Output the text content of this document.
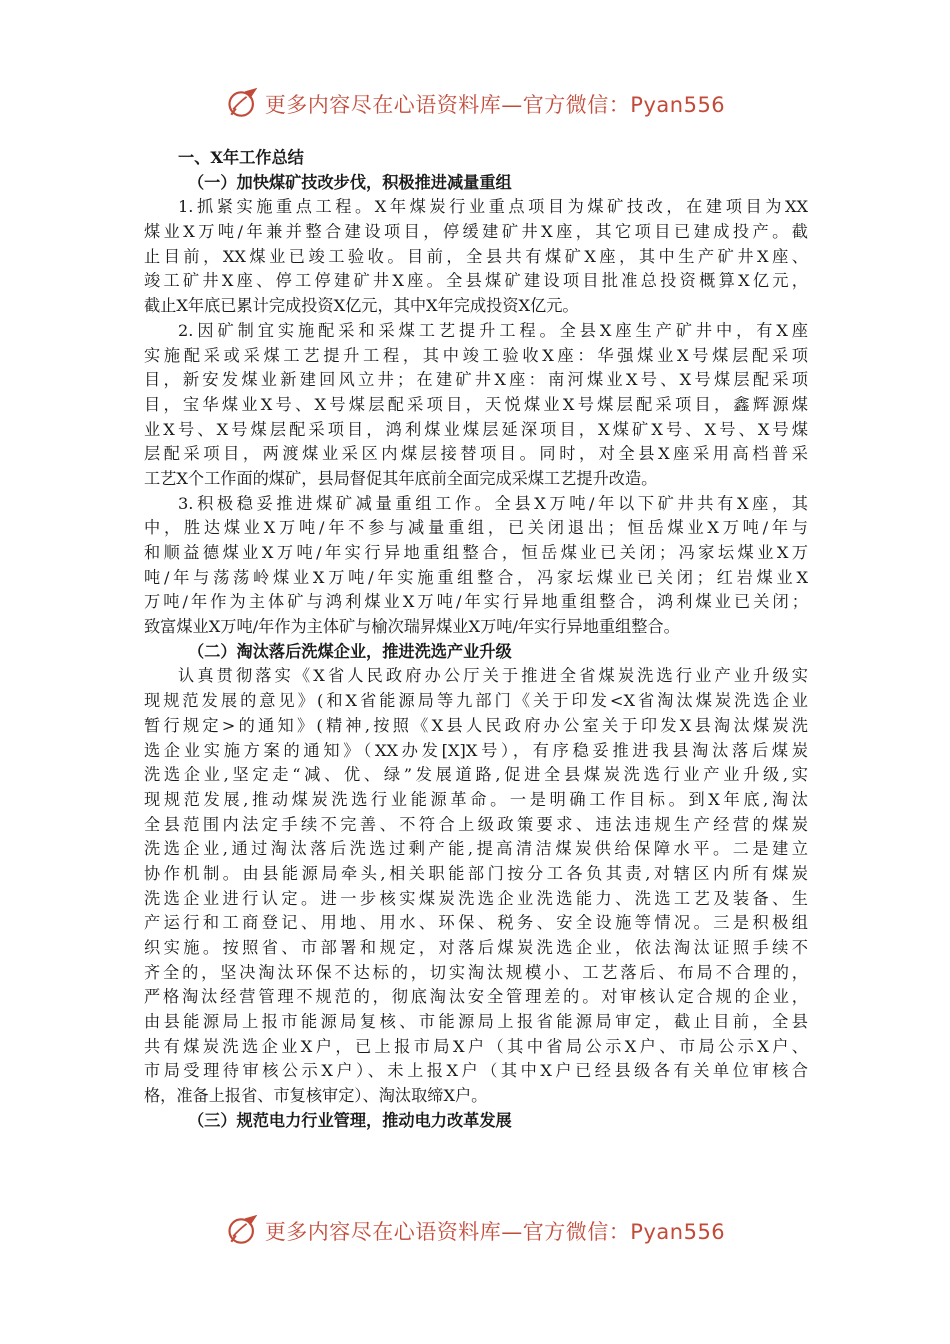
更多内容尽在心语资料库—官方微信：Pyan556
一、X年工作总结
（一）加快煤矿技改步伐，积极推进减量重组
1.抓紧实施重点工程。X年煤炭行业重点项目为煤矿技改，在建项目为XX
煤业X万吨/年兼并整合建设项目，停缓建矿井X座，其它项目已建成投产。截
止目前，XX煤业已竣工验收。目前，全县共有煤矿X座，其中生产矿井X座、
竣工矿井X座、停工停建矿井X座。全县煤矿建设项目批准总投资概算X亿元，
截止X年底已累计完成投资X亿元，其中X年完成投资X亿元。
2.因矿制宜实施配采和采煤工艺提升工程。全县X座生产矿井中，有X座
实施配采或采煤工艺提升工程，其中竣工验收X座：华强煤业X号煤层配采项
目，新安发煤业新建回风立井；在建矿井X座：南河煤业X号、X号煤层配采项
目，宝华煤业X号、X号煤层配采项目，天悦煤业X号煤层配采项目，鑫辉源煤
业X号、X号煤层配采项目，鸿利煤业煤层延深项目，X煤矿X号、X号、X号煤
层配采项目，两渡煤业采区内煤层接替项目。同时，对全县X座采用高档普采
工艺X个工作面的煤矿，县局督促其年底前全面完成采煤工艺提升改造。
3.积极稳妥推进煤矿减量重组工作。全县X万吨/年以下矿井共有X座，其
中，胜达煤业X万吨/年不参与减量重组，已关闭退出；恒岳煤业X万吨/年与
和顺益德煤业X万吨/年实行异地重组整合，恒岳煤业已关闭；冯家坛煤业X万
吨/年与荡荡岭煤业X万吨/年实施重组整合，冯家坛煤业已关闭；红岩煤业X
万吨/年作为主体矿与鸿利煤业X万吨/年实行异地重组整合，鸿利煤业已关闭；
致富煤业X万吨/年作为主体矿与榆次瑞昇煤业X万吨/年实行异地重组整合。
（二）淘汰落后洗煤企业，推进洗选产业升级
认真贯彻落实《X省人民政府办公厅关于推进全省煤炭洗选行业产业升级实
现规范发展的意见》(和X省能源局等九部门《关于印发<X省淘汰煤炭洗选企业
暂行规定>的通知》(精神,按照《X县人民政府办公室关于印发X县淘汰煤炭洗
选企业实施方案的通知》（XX办发[X]X号），有序稳妥推进我县淘汰落后煤炭
洗选企业,坚定走“减、优、绿”发展道路,促进全县煤炭洗选行业产业升级,实
现规范发展,推动煤炭洗选行业能源革命。一是明确工作目标。到X年底,淘汰
全县范围内法定手续不完善、不符合上级政策要求、违法违规生产经营的煤炭
洗选企业,通过淘汰落后洗选过剩产能,提高清洁煤炭供给保障水平。二是建立
协作机制。由县能源局牵头,相关职能部门按分工各负其责,对辖区内所有煤炭
洗选企业进行认定。进一步核实煤炭洗选企业洗选能力、洗选工艺及装备、生
产运行和工商登记、用地、用水、环保、税务、安全设施等情况。三是积极组
织实施。按照省、市部署和规定，对落后煤炭洗选企业，依法淘汰证照手续不
齐全的，坚决淘汰环保不达标的，切实淘汰规模小、工艺落后、布局不合理的，
严格淘汰经营管理不规范的，彻底淘汰安全管理差的。对审核认定合规的企业，
由县能源局上报市能源局复核、市能源局上报省能源局审定，截止目前，全县
共有煤炭洗选企业X户，已上报市局X户（其中省局公示X户、市局公示X户、
市局受理待审核公示X户）、未上报X户（其中X户已经县级各有关单位审核合
格，准备上报省、市复核审定）、淘汰取缔X户。
（三）规范电力行业管理，推动电力改革发展
更多内容尽在心语资料库—官方微信：Pyan556
